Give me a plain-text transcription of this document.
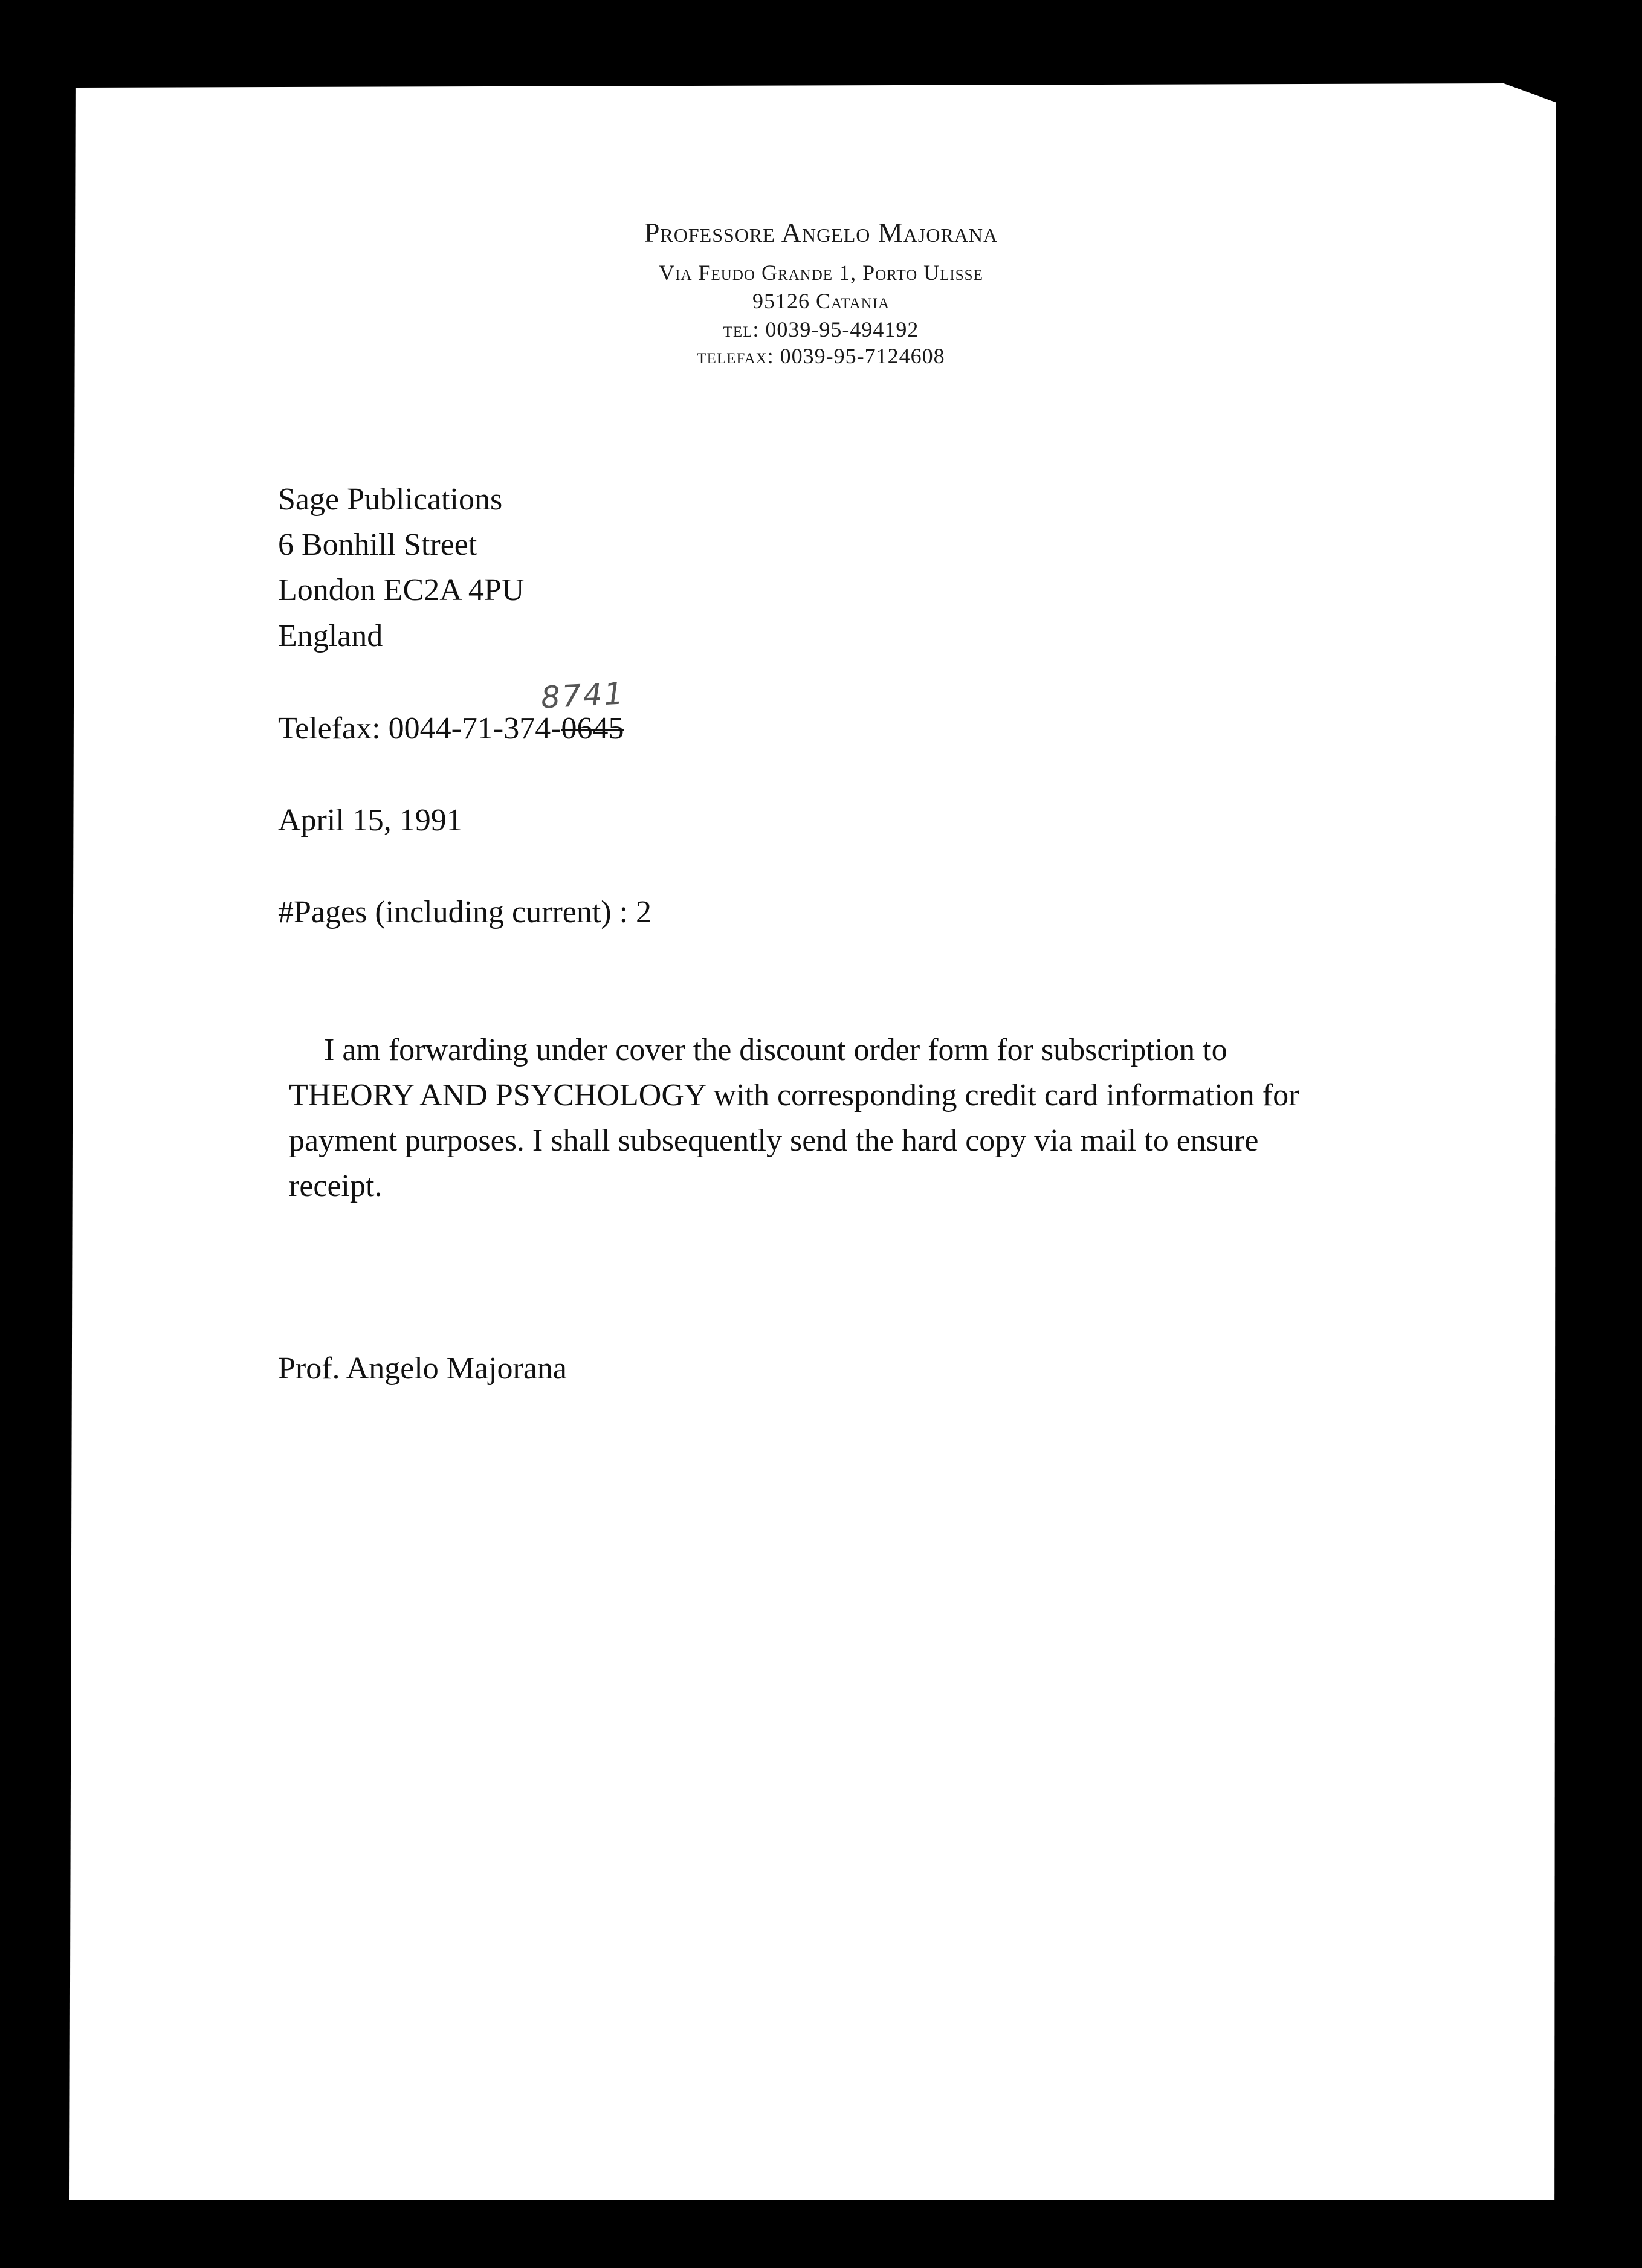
Professore Angelo Majorana
Via Feudo Grande 1, Porto Ulisse
95126 Catania
tel: 0039-95-494192
telefax: 0039-95-7124608
Sage Publications
6 Bonhill Street
London EC2A 4PU
England
8741
Telefax: 0044-71-374-0645
April 15, 1991
#Pages (including current) : 2
I am forwarding under cover the discount order form for subscription to
THEORY AND PSYCHOLOGY with corresponding credit card information for
payment purposes. I shall subsequently send the hard copy via mail to ensure
receipt.
Prof. Angelo Majorana
